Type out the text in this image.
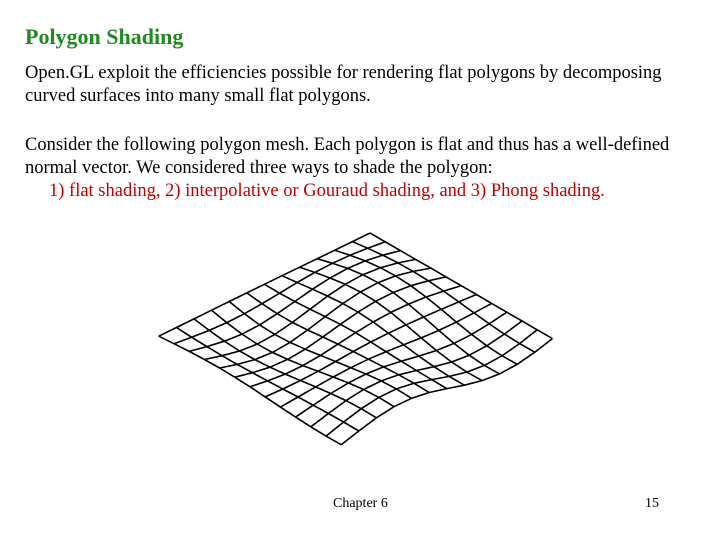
Polygon Shading

Open.GL exploit the efficiencies possible for rendering flat polygons by decomposing curved surfaces into many small flat polygons.

Consider the following polygon mesh. Each polygon is flat and thus has a well-defined normal vector. We considered three ways to shade the polygon:
1) flat shading, 2) interpolative or Gouraud shading, and 3) Phong shading.

Chapter 6	15
